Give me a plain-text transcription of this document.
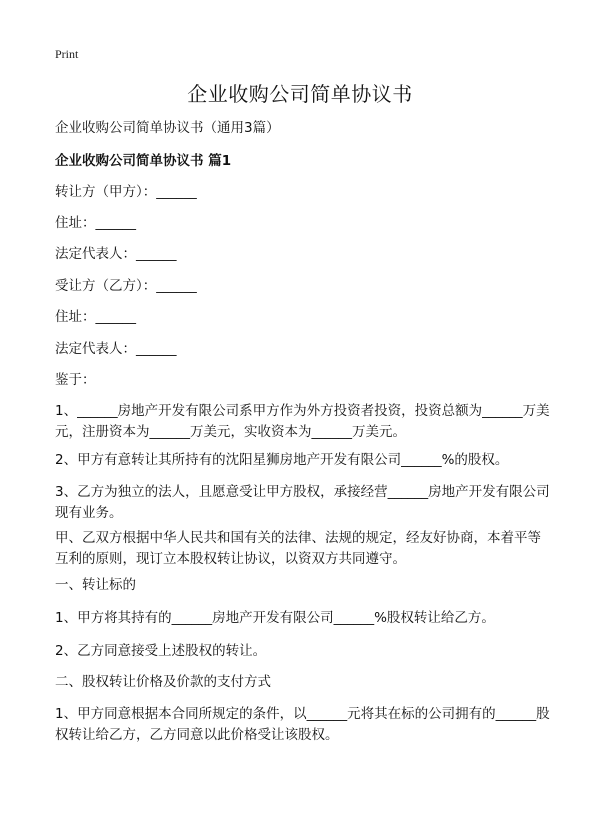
Print
企业收购公司简单协议书

企业收购公司简单协议书（通用3篇）

企业收购公司简单协议书 篇1

转让方（甲方）：______

住址：______

法定代表人：______

受让方（乙方）：______

住址：______

法定代表人：______

鉴于：

1、______房地产开发有限公司系甲方作为外方投资者投资，投资总额为______万美元，注册资本为______万美元，实收资本为______万美元。

2、甲方有意转让其所持有的沈阳星狮房地产开发有限公司______%的股权。

3、乙方为独立的法人，且愿意受让甲方股权，承接经营______房地产开发有限公司现有业务。

甲、乙双方根据中华人民共和国有关的法律、法规的规定，经友好协商，本着平等互利的原则，现订立本股权转让协议，以资双方共同遵守。

一、转让标的

1、甲方将其持有的______房地产开发有限公司______%股权转让给乙方。

2、乙方同意接受上述股权的转让。

二、股权转让价格及价款的支付方式

1、甲方同意根据本合同所规定的条件，以______元将其在标的公司拥有的______股权转让给乙方，乙方同意以此价格受让该股权。
